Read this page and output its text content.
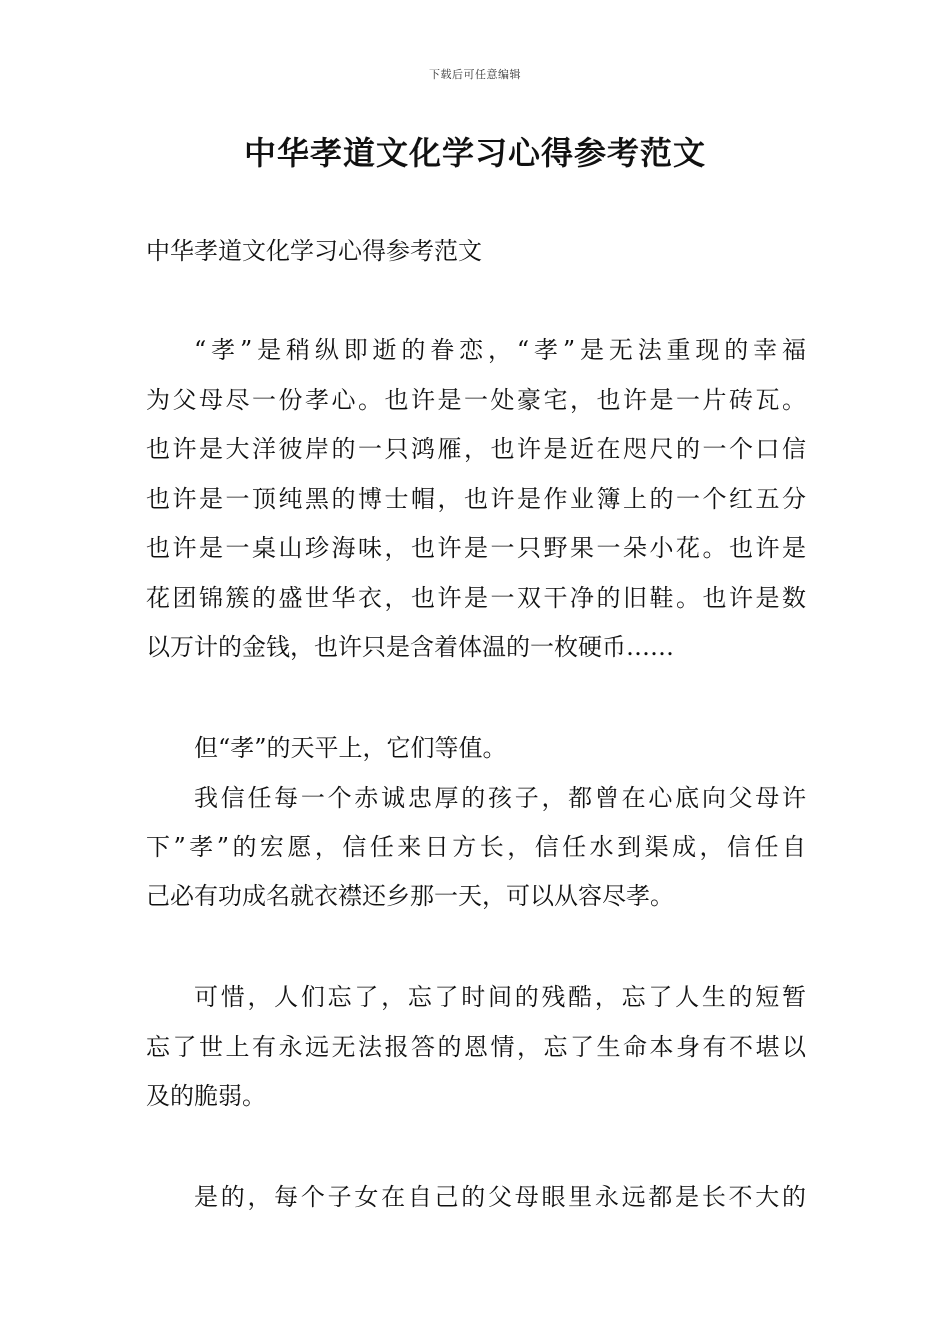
下载后可任意编辑
中华孝道文化学习心得参考范文

中华孝道文化学习心得参考范文

“孝”是稍纵即逝的眷恋，“孝”是无法重现的幸福

为父母尽一份孝心。也许是一处豪宅，也许是一片砖瓦。

也许是大洋彼岸的一只鸿雁，也许是近在咫尺的一个口信

也许是一顶纯黑的博士帽，也许是作业簿上的一个红五分

也许是一桌山珍海味，也许是一只野果一朵小花。也许是

花团锦簇的盛世华衣，也许是一双干净的旧鞋。也许是数

以万计的金钱，也许只是含着体温的一枚硬币……

但“孝”的天平上，它们等值。

我信任每一个赤诚忠厚的孩子，都曾在心底向父母许

下”孝”的宏愿，信任来日方长，信任水到渠成，信任自

己必有功成名就衣襟还乡那一天，可以从容尽孝。

可惜，人们忘了，忘了时间的残酷，忘了人生的短暂

忘了世上有永远无法报答的恩情，忘了生命本身有不堪以

及的脆弱。

是的，每个子女在自己的父母眼里永远都是长不大的
